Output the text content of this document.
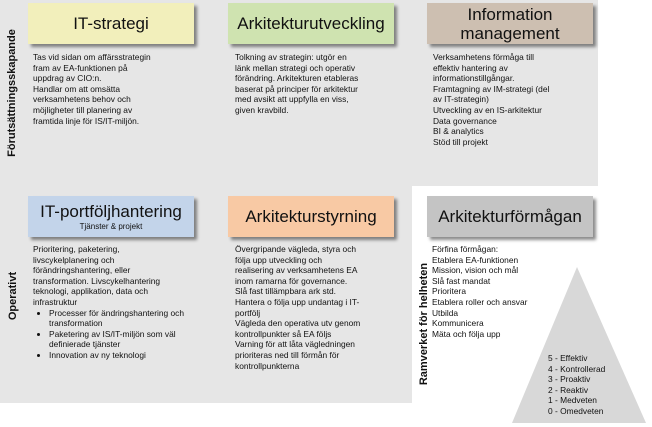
Förutsättningsskapande
Operativt	Ramverket för helheten
IT-strategi

Tas vid sidan om affärsstrategin

fram av EA-funktionen på

uppdrag av CIO:n.

Handlar om att omsätta

verksamhetens behov och

möjligheter till planering av

framtida linje för IS/IT-miljön.

Arkitekturutveckling

Tolkning av strategin: utgör en

länk mellan strategi och operativ

förändring. Arkitekturen etableras

baserat på principer för arkitektur

med avsikt att uppfylla en viss,

given kravbild.

Information
management

Verksamhetens förmåga till

effektiv hantering av

informationstillgångar.

Framtagning av IM-strategi (del

av IT-strategin)

Utveckling av en IS-arkitektur

Data governance

BI & analytics

Stöd till projekt

IT-portföljhantering
Tjänster & projekt

Prioritering, paketering,

livscykelplanering och

förändringshantering, eller

transformation. Livscykelhantering

teknologi, applikation, data och

infrastruktur

• Processer för ändringshantering och transformation
• Paketering av IS/IT-miljön som väl definierade tjänster
• Innovation av ny teknologi
Arkitekturstyrning

Övergripande vägleda, styra och

följa upp utveckling och

realisering av verksamhetens EA

inom ramarna för governance.

Slå fast tillämpbara ark std.

Hantera o följa upp undantag i IT-

portfölj

Vägleda den operativa utv genom

kontrollpunkter så EA följs

Varning för att låta vägledningen

prioriteras ned till förmån för

kontrollpunkterna

Arkitekturförmågan

Förfina förmågan:

Etablera EA-funktionen

Mission, vision och mål

Slå fast mandat

Prioritera

Etablera roller och ansvar

Utbilda

Kommunicera

Mäta och följa upp

5 - Effektiv
4 - Kontrollerad
3 - Proaktiv
2 - Reaktiv
1 - Medveten
0 - Omedveten
